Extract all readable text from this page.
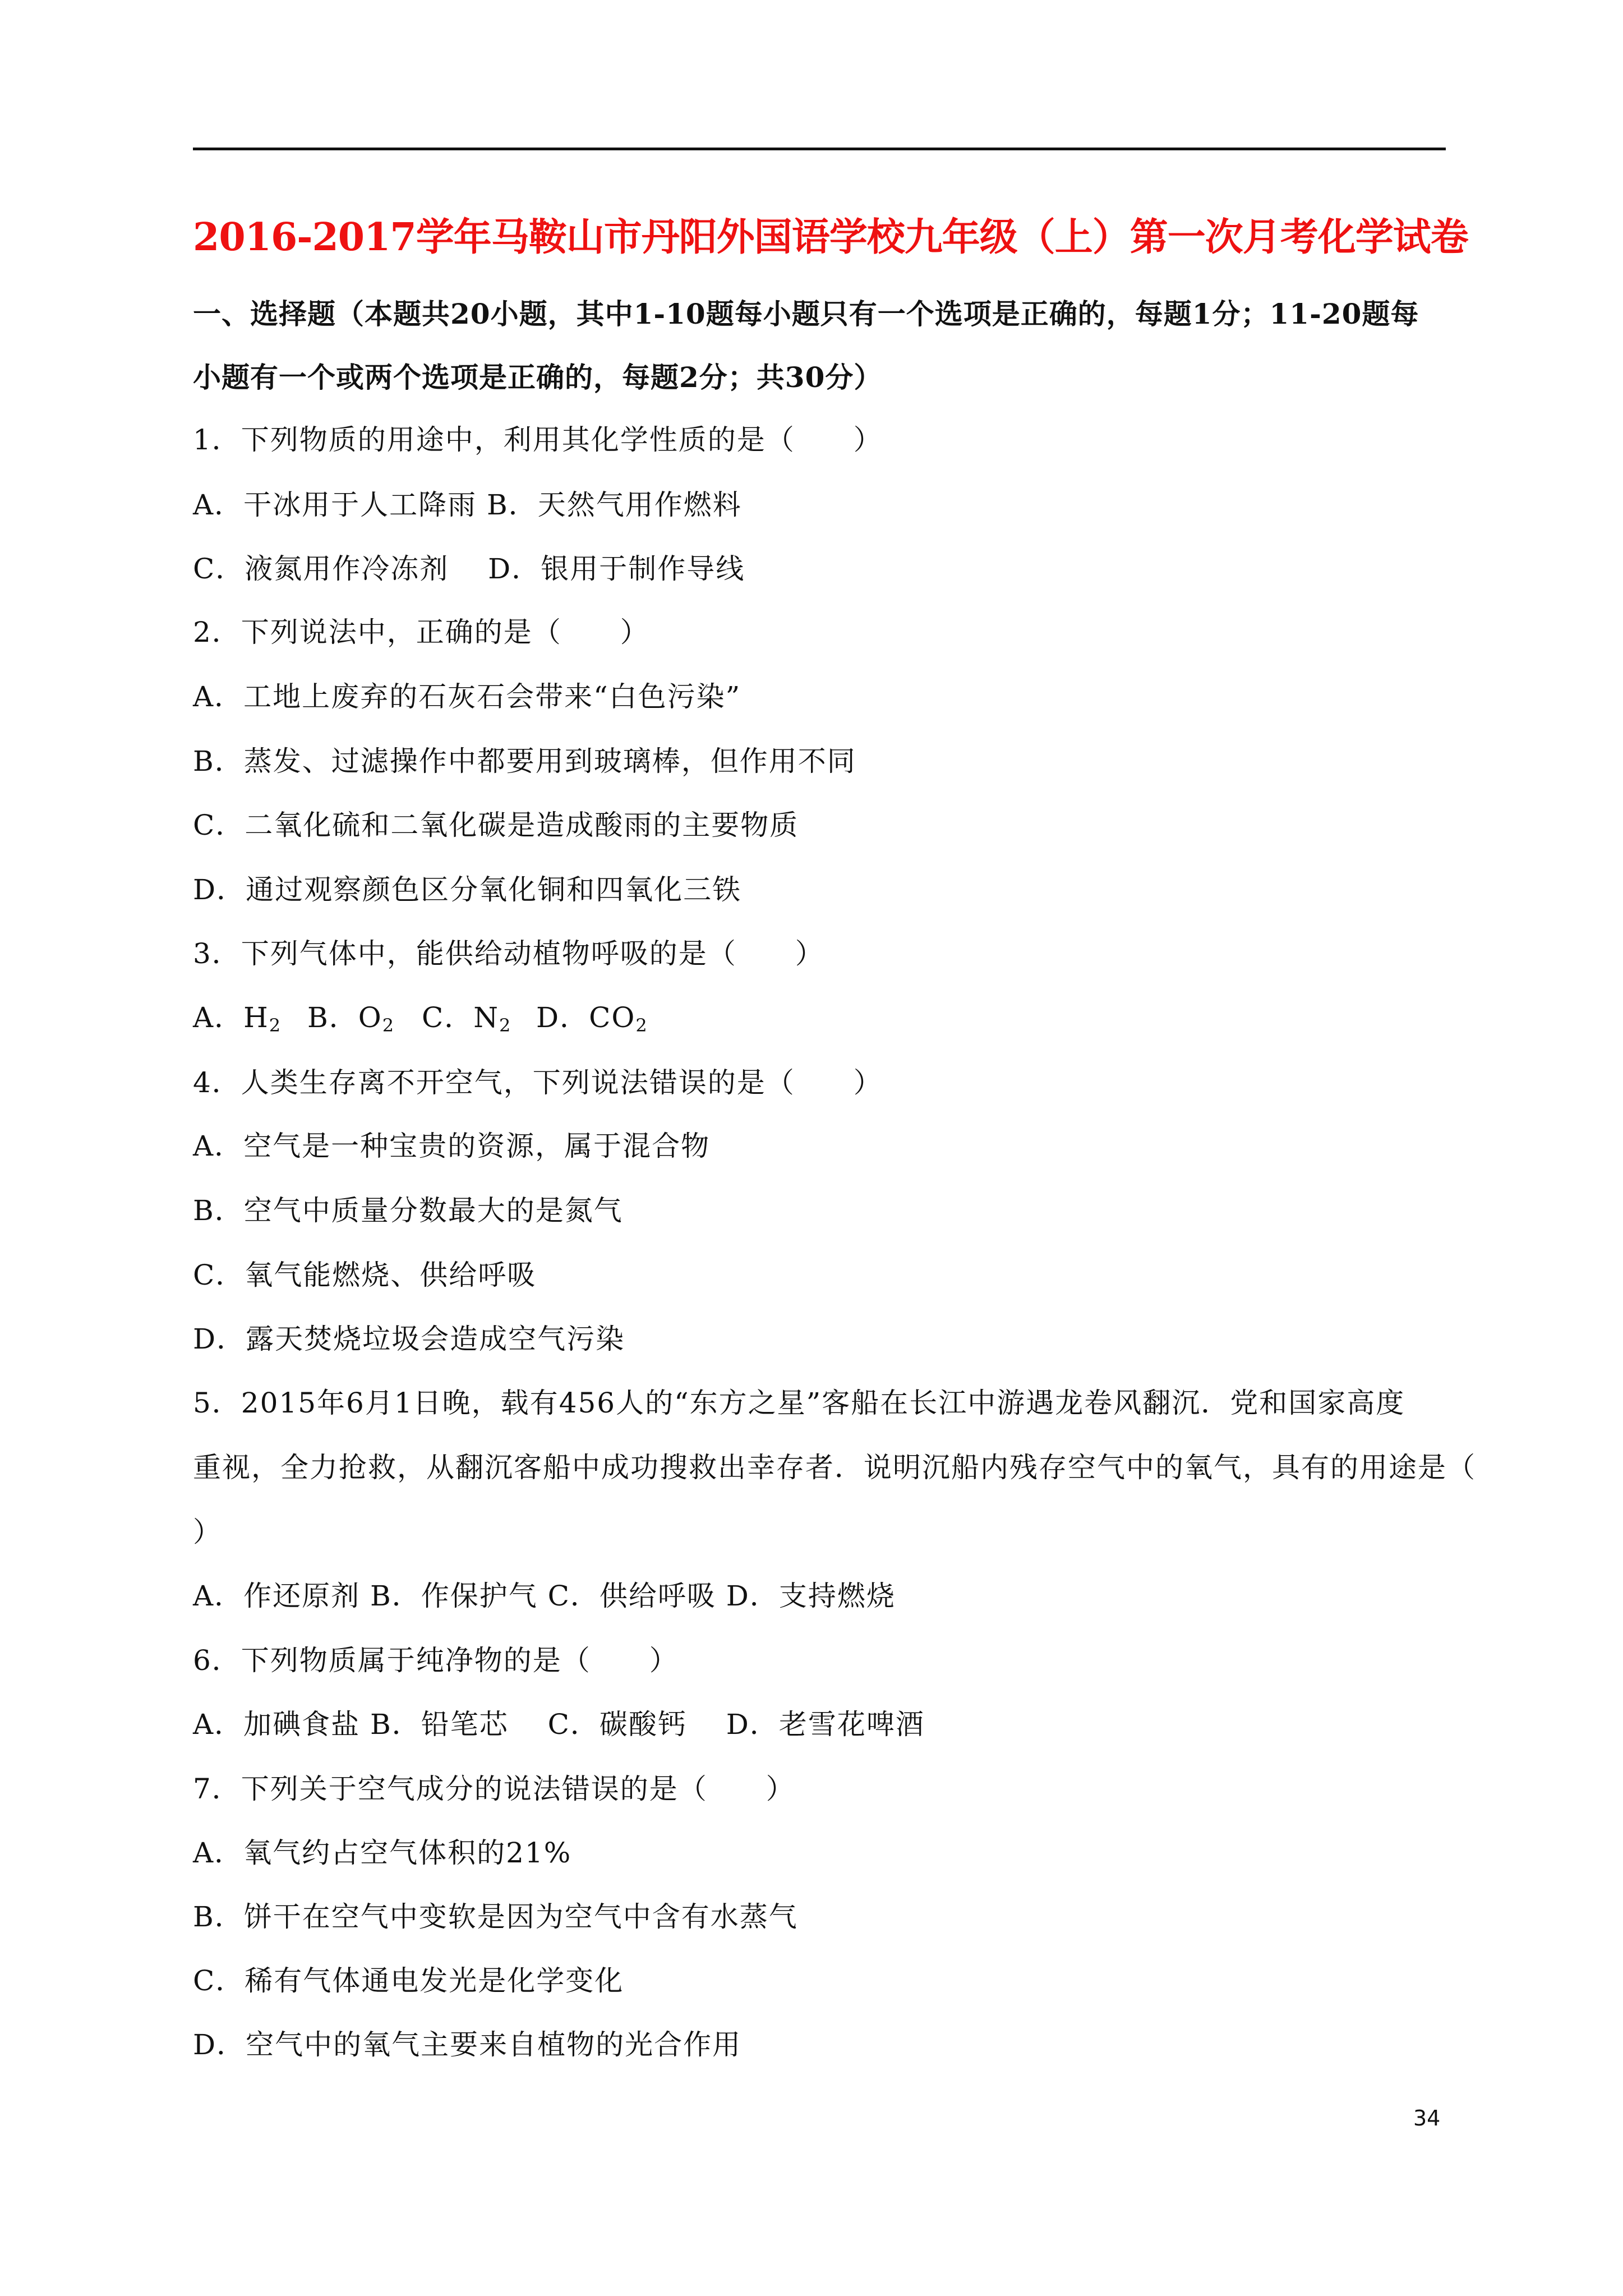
2016-2017学年马鞍山市丹阳外国语学校九年级（上）第一次月考化学试卷
一、选择题（本题共20小题，其中1-10题每小题只有一个选项是正确的，每题1分；11-20题每
小题有一个或两个选项是正确的，每题2分；共30分）
1．下列物质的用途中，利用其化学性质的是（　　）
A．干冰用于人工降雨 B．天然气用作燃料
C．液氮用作冷冻剂　 D．银用于制作导线
2．下列说法中，正确的是（　　）
A．工地上废弃的石灰石会带来“白色污染”
B．蒸发、过滤操作中都要用到玻璃棒，但作用不同
C．二氧化硫和二氧化碳是造成酸雨的主要物质
D．通过观察颜色区分氧化铜和四氧化三铁
3．下列气体中，能供给动植物呼吸的是（　　）
A．$H_2$ B．$O_2$ C．$N_2$ D．$CO_2$
4．人类生存离不开空气，下列说法错误的是（　　）
A．空气是一种宝贵的资源，属于混合物
B．空气中质量分数最大的是氮气
C．氧气能燃烧、供给呼吸
D．露天焚烧垃圾会造成空气污染
5．2015年6月1日晚，载有456人的“东方之星”客船在长江中游遇龙卷风翻沉．党和国家高度
重视，全力抢救，从翻沉客船中成功搜救出幸存者．说明沉船内残存空气中的氧气，具有的用途是（
）
A．作还原剂 B．作保护气 C．供给呼吸 D．支持燃烧
6．下列物质属于纯净物的是（　　）
A．加碘食盐 B．铅笔芯　 C．碳酸钙　 D．老雪花啤酒
7．下列关于空气成分的说法错误的是（　　）
A．氧气约占空气体积的21%
B．饼干在空气中变软是因为空气中含有水蒸气
C．稀有气体通电发光是化学变化
D．空气中的氧气主要来自植物的光合作用
34
